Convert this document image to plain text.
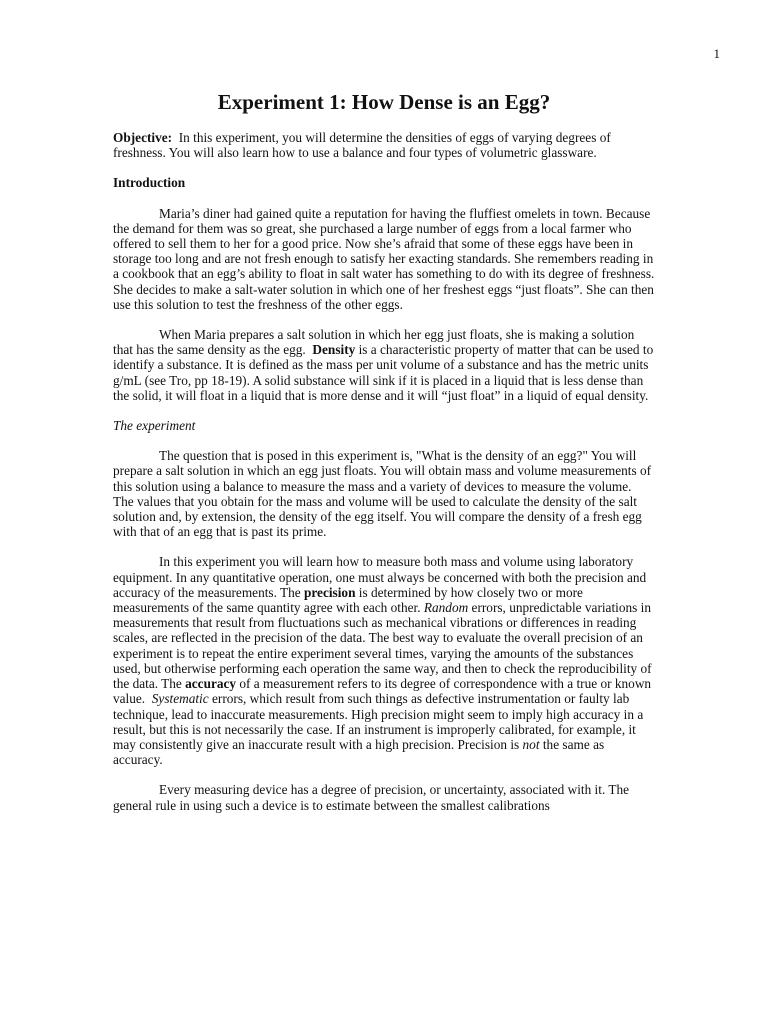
1
Experiment 1: How Dense is an Egg?

Objective: In this experiment, you will determine the densities of eggs of varying degrees of freshness. You will also learn how to use a balance and four types of volumetric glassware.

Introduction

Maria’s diner had gained quite a reputation for having the fluffiest omelets in town. Because the demand for them was so great, she purchased a large number of eggs from a local farmer who offered to sell them to her for a good price. Now she’s afraid that some of these eggs have been in storage too long and are not fresh enough to satisfy her exacting standards. She remembers reading in a cookbook that an egg’s ability to float in salt water has something to do with its degree of freshness. She decides to make a salt-water solution in which one of her freshest eggs “just floats”. She can then use this solution to test the freshness of the other eggs.

When Maria prepares a salt solution in which her egg just floats, she is making a solution that has the same density as the egg. Density is a characteristic property of matter that can be used to identify a substance. It is defined as the mass per unit volume of a substance and has the metric units g/mL (see Tro, pp 18-19). A solid substance will sink if it is placed in a liquid that is less dense than the solid, it will float in a liquid that is more dense and it will “just float” in a liquid of equal density.

The experiment

The question that is posed in this experiment is, "What is the density of an egg?" You will prepare a salt solution in which an egg just floats. You will obtain mass and volume measurements of this solution using a balance to measure the mass and a variety of devices to measure the volume. The values that you obtain for the mass and volume will be used to calculate the density of the salt solution and, by extension, the density of the egg itself. You will compare the density of a fresh egg with that of an egg that is past its prime.

In this experiment you will learn how to measure both mass and volume using laboratory equipment. In any quantitative operation, one must always be concerned with both the precision and accuracy of the measurements. The precision is determined by how closely two or more measurements of the same quantity agree with each other. Random errors, unpredictable variations in measurements that result from fluctuations such as mechanical vibrations or differences in reading scales, are reflected in the precision of the data. The best way to evaluate the overall precision of an experiment is to repeat the entire experiment several times, varying the amounts of the substances used, but otherwise performing each operation the same way, and then to check the reproducibility of the data. The accuracy of a measurement refers to its degree of correspondence with a true or known value. Systematic errors, which result from such things as defective instrumentation or faulty lab technique, lead to inaccurate measurements. High precision might seem to imply high accuracy in a result, but this is not necessarily the case. If an instrument is improperly calibrated, for example, it may consistently give an inaccurate result with a high precision. Precision is not the same as accuracy.

Every measuring device has a degree of precision, or uncertainty, associated with it. The general rule in using such a device is to estimate between the smallest calibrations
